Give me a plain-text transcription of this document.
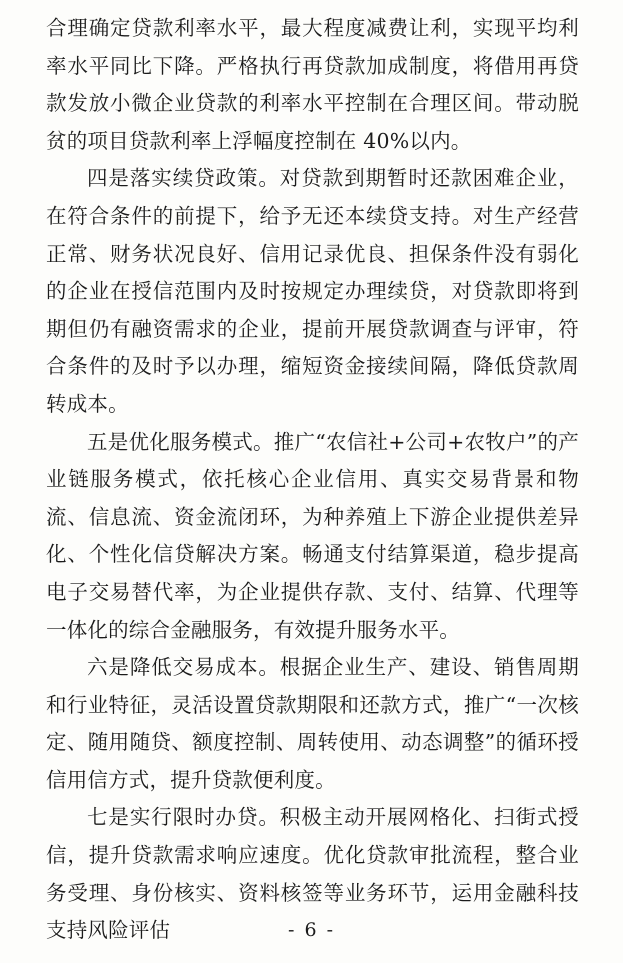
合理确定贷款利率水平，最大程度减费让利，实现平均利率水平同比下降。严格执行再贷款加成制度，将借用再贷款发放小微企业贷款的利率水平控制在合理区间。带动脱贫的项目贷款利率上浮幅度控制在 40%以内。

四是落实续贷政策。对贷款到期暂时还款困难企业，在符合条件的前提下，给予无还本续贷支持。对生产经营正常、财务状况良好、信用记录优良、担保条件没有弱化的企业在授信范围内及时按规定办理续贷，对贷款即将到期但仍有融资需求的企业，提前开展贷款调查与评审，符合条件的及时予以办理，缩短资金接续间隔，降低贷款周转成本。

五是优化服务模式。推广“农信社+公司+农牧户”的产业链服务模式，依托核心企业信用、真实交易背景和物流、信息流、资金流闭环，为种养殖上下游企业提供差异化、个性化信贷解决方案。畅通支付结算渠道，稳步提高电子交易替代率，为企业提供存款、支付、结算、代理等一体化的综合金融服务，有效提升服务水平。

六是降低交易成本。根据企业生产、建设、销售周期和行业特征，灵活设置贷款期限和还款方式，推广“一次核定、随用随贷、额度控制、周转使用、动态调整”的循环授信用信方式，提升贷款便利度。

七是实行限时办贷。积极主动开展网格化、扫街式授信，提升贷款需求响应速度。优化贷款审批流程，整合业务受理、身份核实、资料核签等业务环节，运用金融科技支持风险评估	- 6 -
